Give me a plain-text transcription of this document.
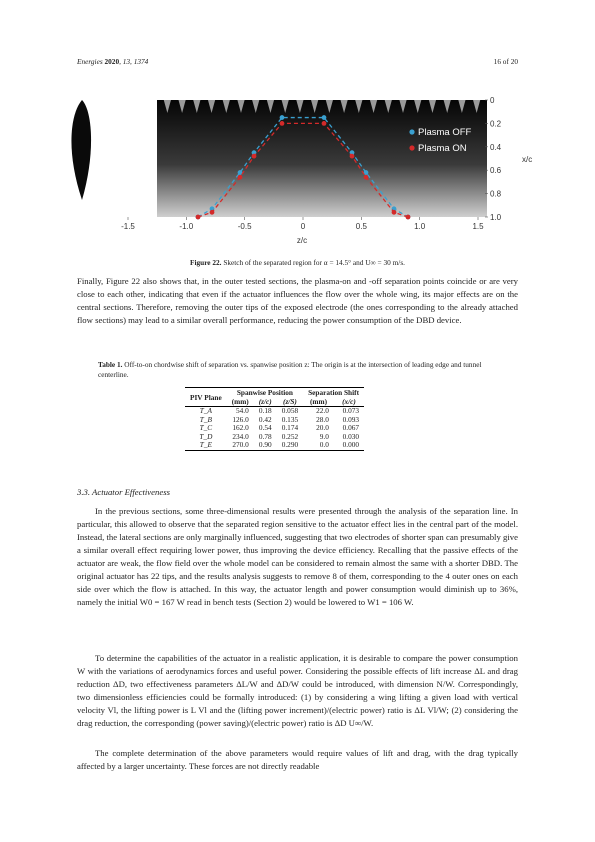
Energies 2020, 13, 1374	16 of 20
-1.5	-1.0	-0.5	0	0.5	1.0	1.5
0
0.2
0.4
0.6
0.8
1.0
z/c
x/c
Plasma OFF
Plasma ON
Figure 22. Sketch of the separated region for α = 14.5° and U∞ = 30 m/s.

Finally, Figure 22 also shows that, in the outer tested sections, the plasma-on and -off separation points coincide or are very close to each other, indicating that even if the actuator influences the flow over the whole wing, its major effects are on the central sections. Therefore, removing the outer tips of the exposed electrode (the ones corresponding to the already attached flow sections) may lead to a similar overall performance, reducing the power consumption of the DBD device.

Table 1. Off-to-on chordwise shift of separation vs. spanwise position z: The origin is at the intersection of leading edge and tunnel centerline.
PIV Plane	Spanwise Position			Separation Shift	
	(mm)	(z/c)	(z/S)	(mm)	(x/c)
T_A	54.0	0.18	0.058	22.0	0.073
T_B	126.0	0.42	0.135	28.0	0.093
T_C	162.0	0.54	0.174	20.0	0.067
T_D	234.0	0.78	0.252	9.0	0.030
T_E	270.0	0.90	0.290	0.0	0.000
3.3. Actuator Effectiveness

In the previous sections, some three-dimensional results were presented through the analysis of the separation line. In particular, this allowed to observe that the separated region sensitive to the actuator effect lies in the central part of the model. Instead, the lateral sections are only marginally influenced, suggesting that two electrodes of shorter span can presumably give a similar overall effect requiring lower power, thus improving the device efficiency. Recalling that the passive effects of the actuator are weak, the flow field over the whole model can be considered to remain almost the same with a shorter DBD. The original actuator has 22 tips, and the results analysis suggests to remove 8 of them, corresponding to the 4 outer ones on each side over which the flow is attached. In this way, the actuator length and power consumption would diminish up to 36%, namely the initial W0 = 167 W read in bench tests (Section 2) would be lowered to W1 = 106 W.

To determine the capabilities of the actuator in a realistic application, it is desirable to compare the power consumption W with the variations of aerodynamics forces and useful power. Considering the possible effects of lift increase ΔL and drag reduction ΔD, two effectiveness parameters ΔL/W and ΔD/W could be introduced, with dimension N/W. Correspondingly, two dimensionless efficiencies could be formally introduced: (1) by considering a wing lifting a given load with vertical velocity Vl, the lifting power is L Vl and the (lifting power increment)/(electric power) ratio is ΔL Vl/W; (2) considering the drag reduction, the corresponding (power saving)/(electric power) ratio is ΔD U∞/W.

The complete determination of the above parameters would require values of lift and drag, with the drag typically affected by a larger uncertainty. These forces are not directly readable
